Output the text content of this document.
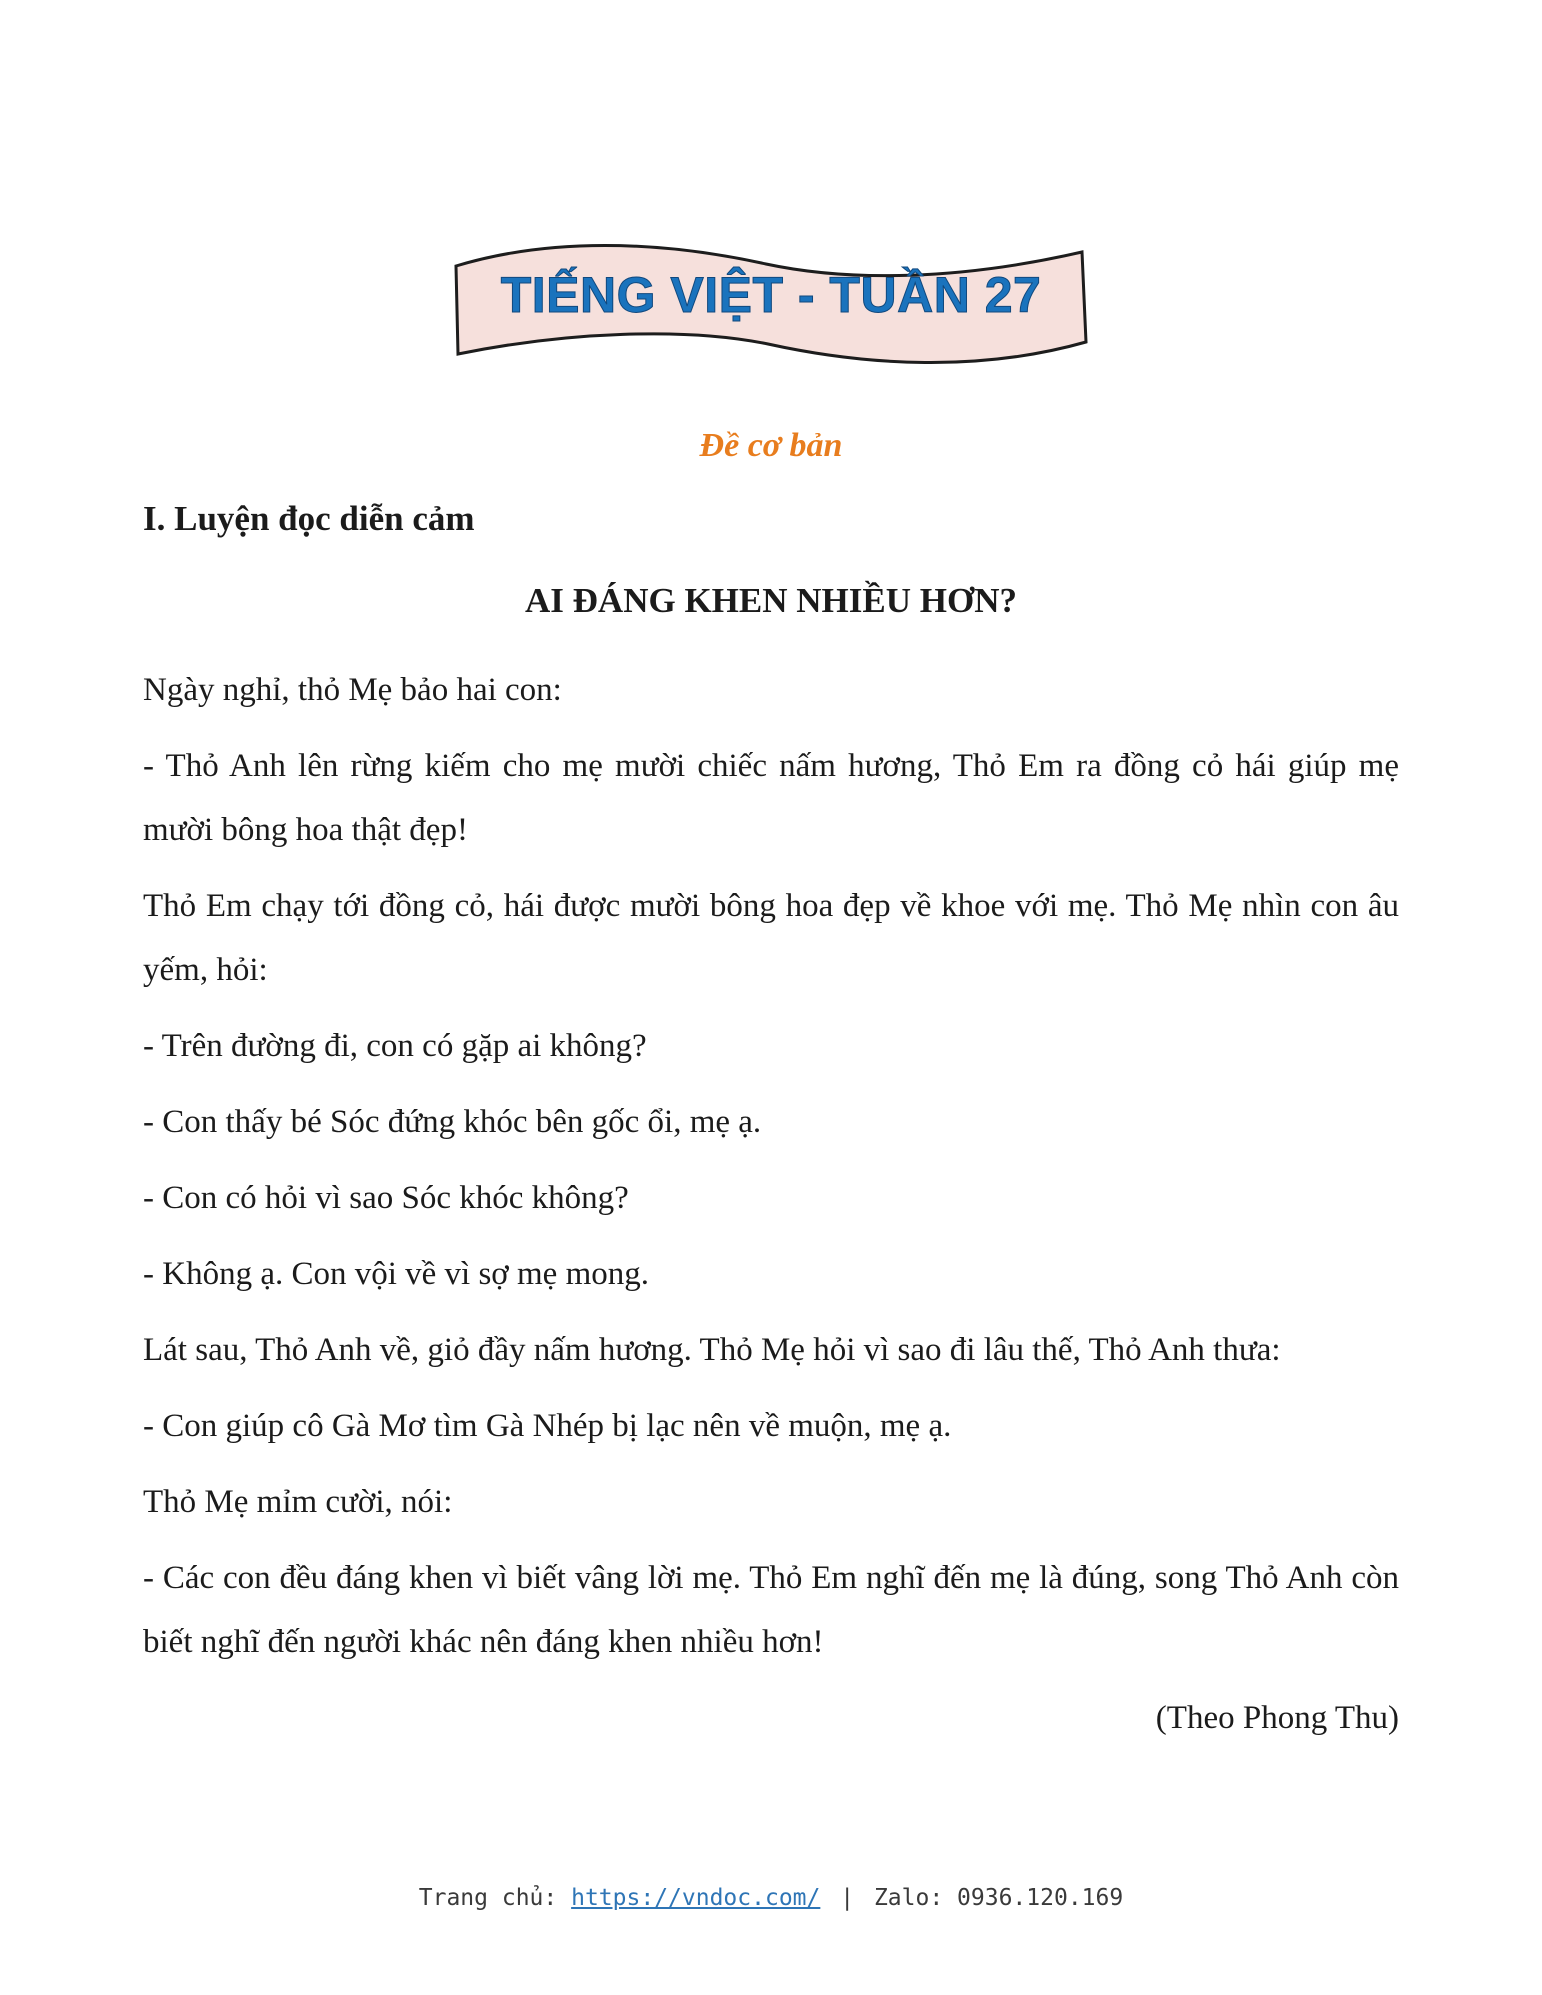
TIẾNG VIỆT - TUẦN 27
Đề cơ bản
I. Luyện đọc diễn cảm
AI ĐÁNG KHEN NHIỀU HƠN?

Ngày nghỉ, thỏ Mẹ bảo hai con:

- Thỏ Anh lên rừng kiếm cho mẹ mười chiếc nấm hương, Thỏ Em ra đồng cỏ hái giúp mẹ mười bông hoa thật đẹp!

Thỏ Em chạy tới đồng cỏ, hái được mười bông hoa đẹp về khoe với mẹ. Thỏ Mẹ nhìn con âu yếm, hỏi:

- Trên đường đi, con có gặp ai không?

- Con thấy bé Sóc đứng khóc bên gốc ổi, mẹ ạ.

- Con có hỏi vì sao Sóc khóc không?

- Không ạ. Con vội về vì sợ mẹ mong.

Lát sau, Thỏ Anh về, giỏ đầy nấm hương. Thỏ Mẹ hỏi vì sao đi lâu thế, Thỏ Anh thưa:

- Con giúp cô Gà Mơ tìm Gà Nhép bị lạc nên về muộn, mẹ ạ.

Thỏ Mẹ mỉm cười, nói:

- Các con đều đáng khen vì biết vâng lời mẹ. Thỏ Em nghĩ đến mẹ là đúng, song Thỏ Anh còn biết nghĩ đến người khác nên đáng khen nhiều hơn!

(Theo Phong Thu)
Trang chủ: https://vndoc.com/ | Zalo: 0936.120.169
